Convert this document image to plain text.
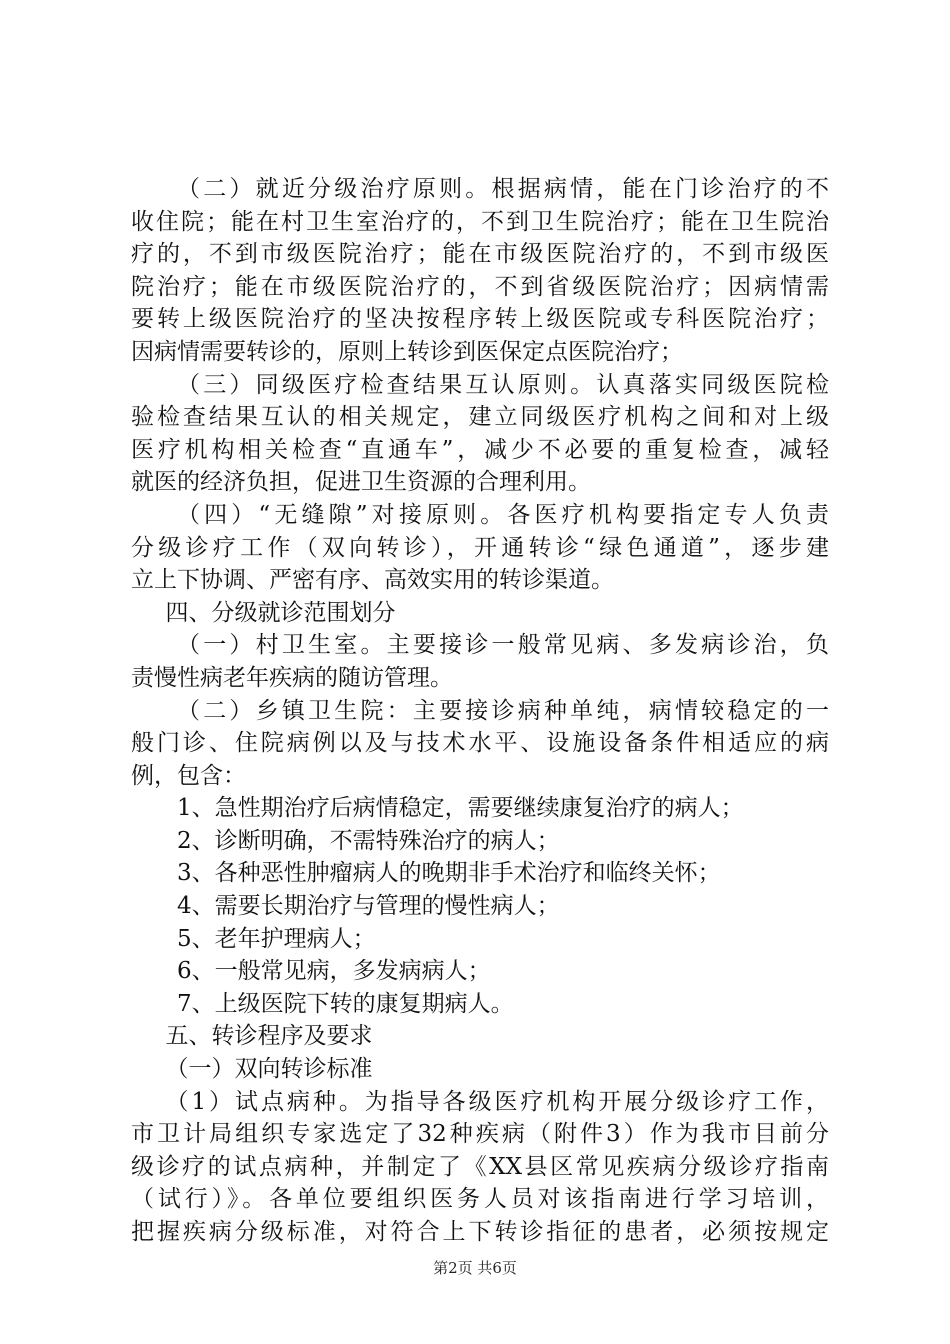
（二）就近分级治疗原则。根据病情，能在门诊治疗的不
收住院；能在村卫生室治疗的，不到卫生院治疗；能在卫生院治
疗的，不到市级医院治疗；能在市级医院治疗的，不到市级医
院治疗；能在市级医院治疗的，不到省级医院治疗；因病情需
要转上级医院治疗的坚决按程序转上级医院或专科医院治疗；
因病情需要转诊的，原则上转诊到医保定点医院治疗；
（三）同级医疗检查结果互认原则。认真落实同级医院检
验检查结果互认的相关规定，建立同级医疗机构之间和对上级
医疗机构相关检查“直通车”，减少不必要的重复检查，减轻
就医的经济负担，促进卫生资源的合理利用。
（四）“无缝隙”对接原则。各医疗机构要指定专人负责
分级诊疗工作（双向转诊），开通转诊“绿色通道”，逐步建
立上下协调、严密有序、高效实用的转诊渠道。
四、分级就诊范围划分
（一）村卫生室。主要接诊一般常见病、多发病诊治，负
责慢性病老年疾病的随访管理。
（二）乡镇卫生院：主要接诊病种单纯，病情较稳定的一
般门诊、住院病例以及与技术水平、设施设备条件相适应的病
例，包含：
1、急性期治疗后病情稳定，需要继续康复治疗的病人；
2、诊断明确，不需特殊治疗的病人；
3、各种恶性肿瘤病人的晚期非手术治疗和临终关怀；
4、需要长期治疗与管理的慢性病人；
5、老年护理病人；
6、一般常见病，多发病病人；
7、上级医院下转的康复期病人。
五、转诊程序及要求
（一）双向转诊标准
（1）试点病种。为指导各级医疗机构开展分级诊疗工作，
市卫计局组织专家选定了32种疾病（附件3）作为我市目前分
级诊疗的试点病种，并制定了《XX县区常见疾病分级诊疗指南
（试行）》。各单位要组织医务人员对该指南进行学习培训，
把握疾病分级标准，对符合上下转诊指征的患者，必须按规定
第2页 共6页
